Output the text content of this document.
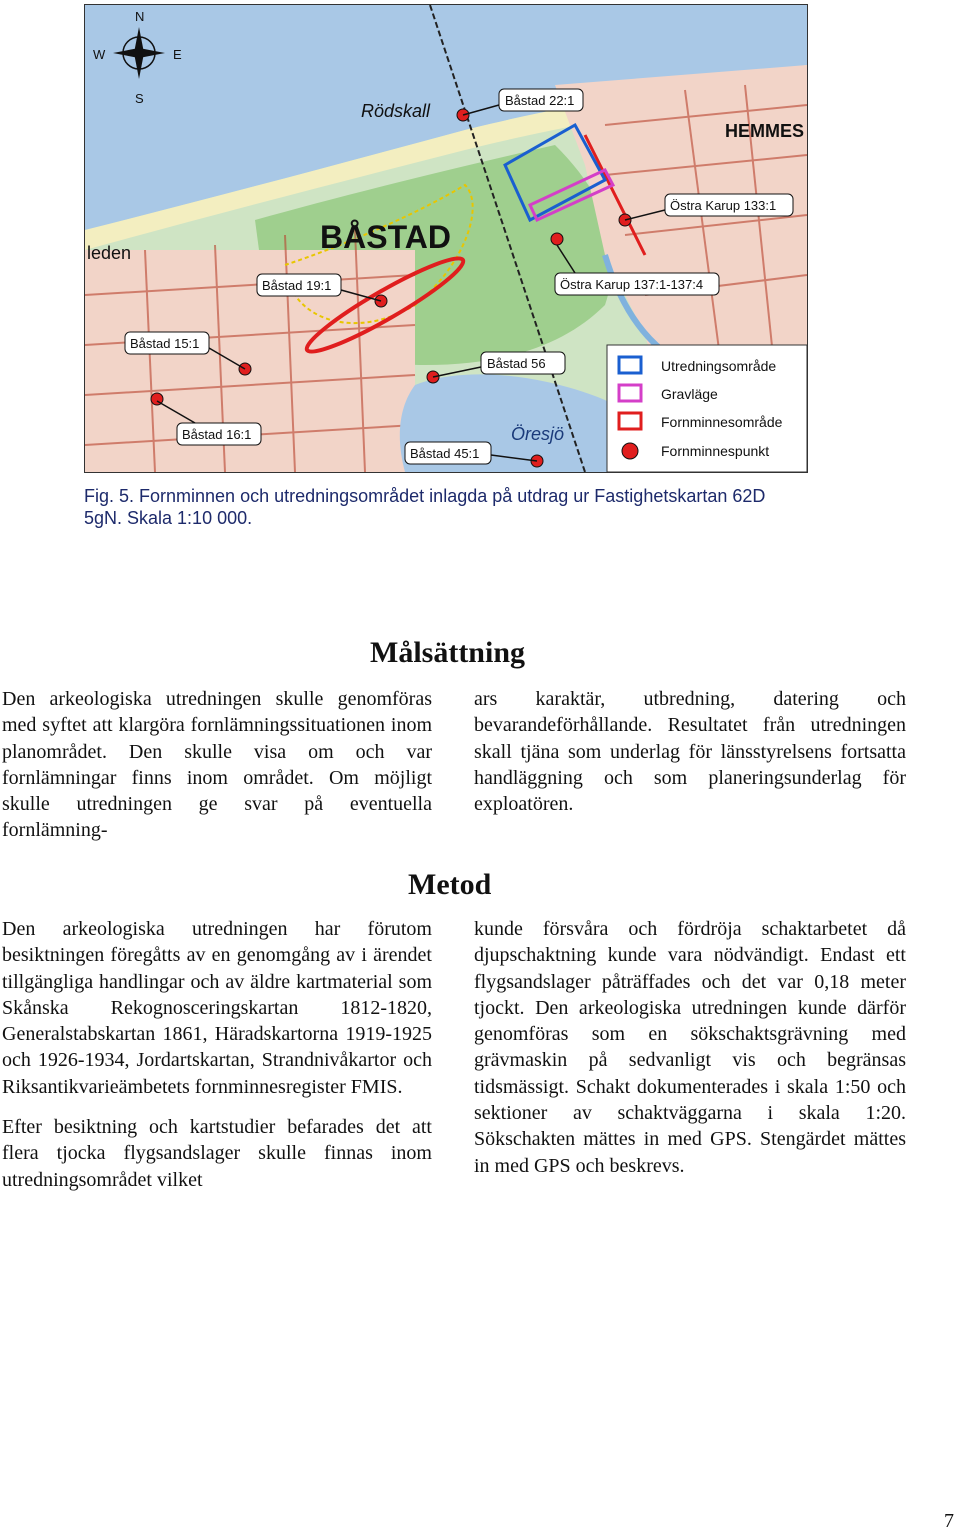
N
S
E
W
BÅSTAD
Rödskall
HEMMES
Öresjö
leden
Båstad 22:1
Östra Karup 133:1
Östra Karup 137:1-137:4
Båstad 19:1
Båstad 15:1
Båstad 56
Båstad 16:1
Båstad 45:1
Utredningsområde
Gravläge
Fornminnesområde
Fornminnespunkt
Fig. 5. Fornminnen och utredningsområdet inlagda på utdrag ur Fastighetskartan 62D 5gN. Skala 1:10 000.
Målsättning

Den arkeologiska utredningen skulle genomföras med syftet att klargöra fornlämningssituationen inom planområdet. Den skulle visa om och var fornlämningar finns inom området. Om möjligt skulle utredningen ge svar på eventuella fornlämning-

ars karaktär, utbredning, datering och bevarandeförhållande. Resultatet från utredningen skall tjäna som underlag för länsstyrelsens fortsatta handläggning och som planeringsunderlag för exploatören.

Metod

Den arkeologiska utredningen har förutom besiktningen föregåtts av en genomgång av i ärendet tillgängliga handlingar och av äldre kartmaterial som Skånska Rekognosceringskartan 1812-1820, Generalstabskartan 1861, Häradskartorna 1919-1925 och 1926-1934, Jordartskartan, Strandnivåkartor och Riksantikvarieämbetets fornminnesregister FMIS.

Efter besiktning och kartstudier befarades det att flera tjocka flygsandslager skulle finnas inom utredningsområdet vilket

kunde försvåra och fördröja schaktarbetet då djupschaktning kunde vara nödvändigt. Endast ett flygsandslager påträffades och det var 0,18 meter tjockt. Den arkeologiska utredningen kunde därför genomföras som en sökschaktsgrävning med grävmaskin på sedvanligt vis och begränsas tidsmässigt. Schakt dokumenterades i skala 1:50 och sektioner av schaktväggarna i skala 1:20. Sökschakten mättes in med GPS. Stengärdet mättes in med GPS och beskrevs.

7
